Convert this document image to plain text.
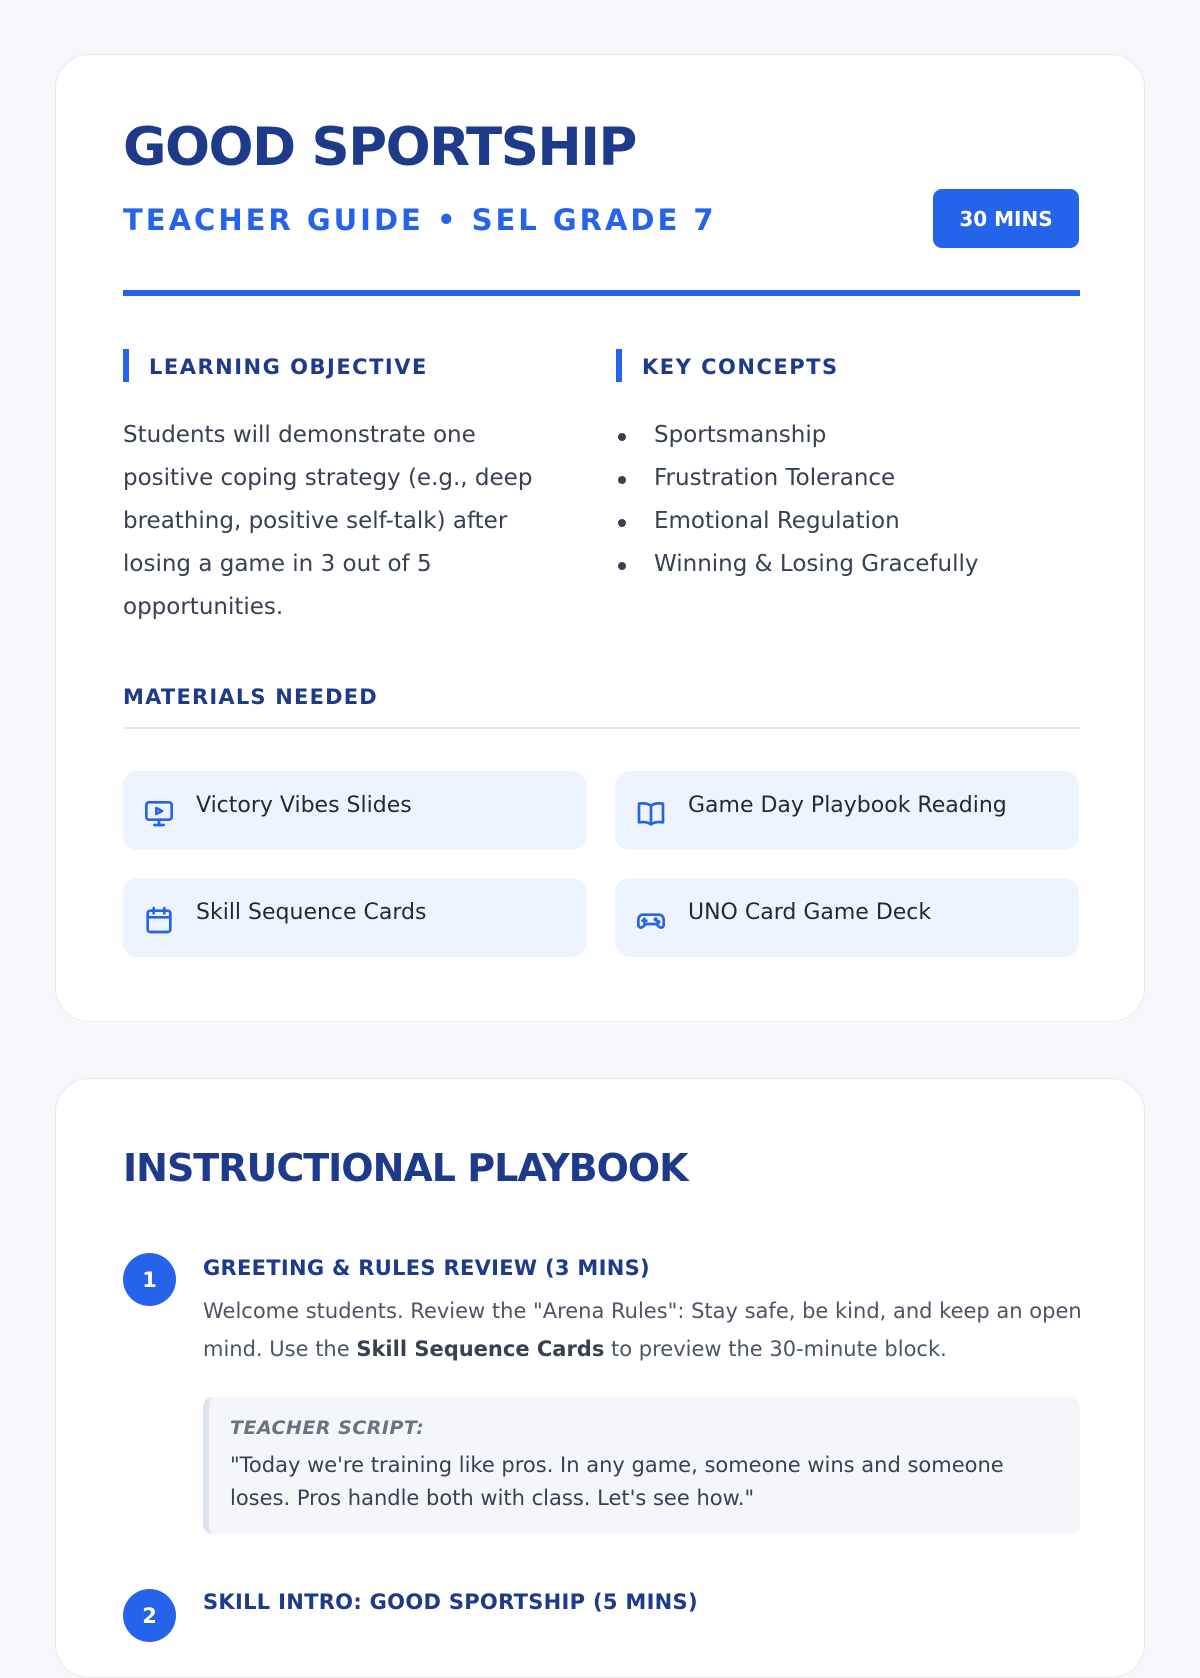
GOOD SPORTSHIP
TEACHER GUIDE • SEL GRADE 7	30 MINS
LEARNING OBJECTIVE

Students will demonstrate one positive coping strategy (e.g., deep breathing, positive self-talk) after losing a game in 3 out of 5 opportunities.

KEY CONCEPTS
Sportsmanship
Frustration Tolerance
Emotional Regulation
Winning & Losing Gracefully
MATERIALS NEEDED
Victory Vibes Slides	Game Day Playbook Reading
Skill Sequence Cards	UNO Card Game Deck
INSTRUCTIONAL PLAYBOOK
1	GREETING & RULES REVIEW (3 MINS)

Welcome students. Review the "Arena Rules": Stay safe, be kind, and keep an open mind. Use the Skill Sequence Cards to preview the 30-minute block.

TEACHER SCRIPT:

"Today we're training like pros. In any game, someone wins and someone loses. Pros handle both with class. Let's see how."

2
SKILL INTRO: GOOD SPORTSHIP (5 MINS)
